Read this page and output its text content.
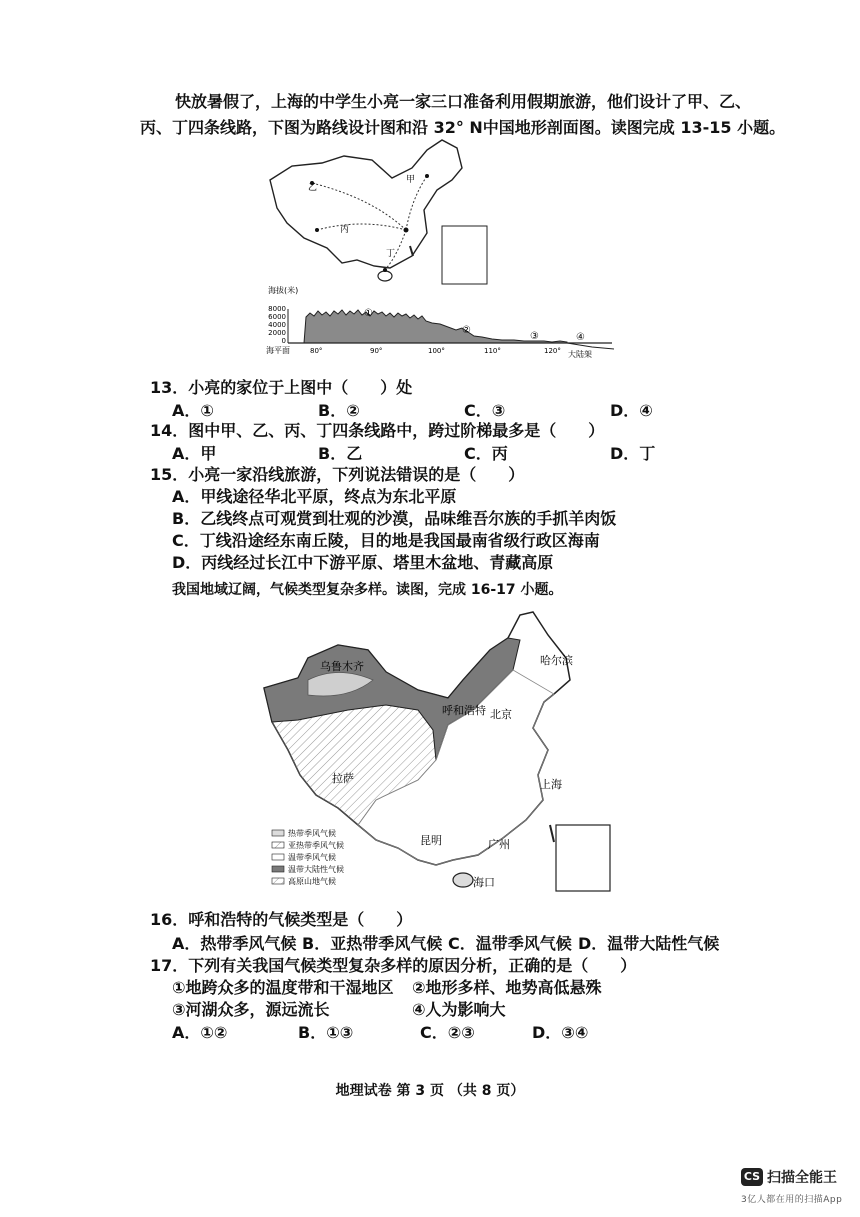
快放暑假了，上海的中学生小亮一家三口准备利用假期旅游，他们设计了甲、乙、
丙、丁四条线路，下图为路线设计图和沿 32° N中国地形剖面图。读图完成 13-15 小题。
乙
甲
丙
丁
海拔(米)
8000
6000
4000
2000
0
①
②
③	④
海平面	80°	90°	100°	110°	120° 大陆架
13．小亮的家位于上图中（　　）处
A．①	B．②	C．③	D．④
14．图中甲、乙、丙、丁四条线路中，跨过阶梯最多是（　　）
A．甲	B．乙	C．丙	D．丁
15．小亮一家沿线旅游，下列说法错误的是（　　）
A．甲线途径华北平原，终点为东北平原
B．乙线终点可观赏到壮观的沙漠，品味维吾尔族的手抓羊肉饭
C．丁线沿途经东南丘陵，目的地是我国最南省级行政区海南
D．丙线经过长江中下游平原、塔里木盆地、青藏高原
我国地域辽阔，气候类型复杂多样。读图，完成 16-17 小题。
乌鲁木齐	哈尔滨
呼和浩特 北京
拉萨	上海
昆明	广州
海口
热带季风气候
亚热带季风气候
温带季风气候
温带大陆性气候
高原山地气候
16．呼和浩特的气候类型是（　　）
A．热带季风气候 B．亚热带季风气候 C．温带季风气候 D．温带大陆性气候
17．下列有关我国气候类型复杂多样的原因分析，正确的是（　　）
①地跨众多的温度带和干湿地区 ②地形多样、地势高低悬殊
③河湖众多，源远流长	④人为影响大
A．①②	B．①③	C．②③	D．③④
地理试卷 第 3 页 （共 8 页）
CS 扫描全能王
3亿人都在用的扫描App
